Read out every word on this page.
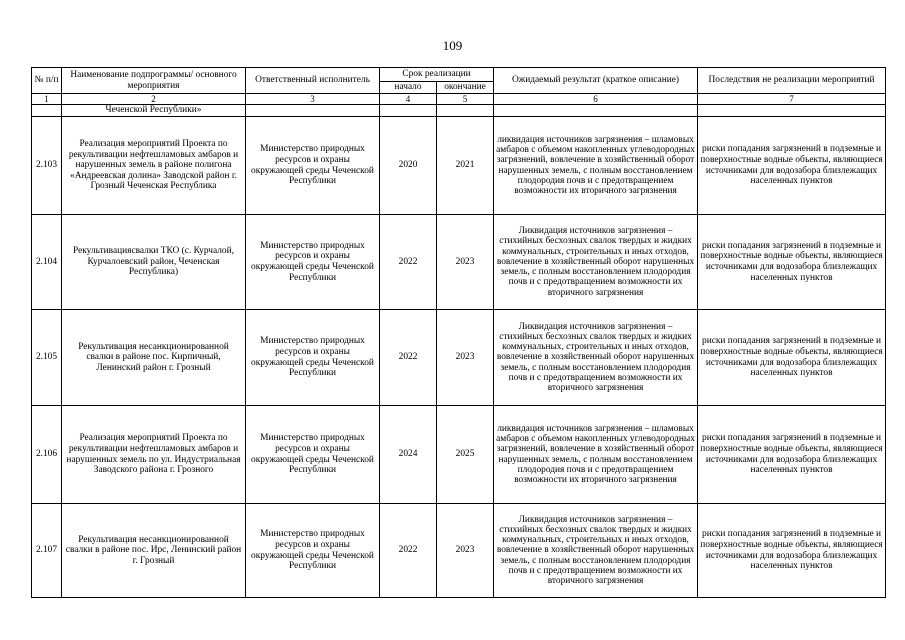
109
№ п/п	Наименование подпрограммы/ основного мероприятия	Ответственный исполнитель	Срок реализации		Ожидаемый результат (краткое описание)	Последствия не реализации мероприятий
			начало	окончание		
1	2	3	4	5	6	7
	Чеченской Республики»					
2.103	Реализация мероприятий Проекта по рекультивации нефтешламовых амбаров и нарушенных земель в районе полигона «Андреевская долина» Заводской район г. Грозный Чеченская Республика	Министерство природных ресурсов и охраны окружающей среды Чеченской Республики	2020	2021	ликвидация источников загрязнения – шламовых амбаров с объемом накопленных углеводородных загрязнений, вовлечение в хозяйственный оборот нарушенных земель, с полным восстановлением плодородия почв и с предотвращением возможности их вторичного загрязнения	риски попадания загрязнений в подземные и поверхностные водные объекты, являющиеся источниками для водозабора близлежащих населенных пунктов
2.104	Рекультивациясвалки ТКО (с. Курчалой, Курчалоевский район, Чеченская Республика)	Министерство природных ресурсов и охраны окружающей среды Чеченской Республики	2022	2023	Ликвидация источников загрязнения – стихийных бесхозных свалок твердых и жидких коммунальных, строительных и иных отходов, вовлечение в хозяйственный оборот нарушенных земель, с полным восстановлением плодородия почв и с предотвращением возможности их вторичного загрязнения	риски попадания загрязнений в подземные и поверхностные водные объекты, являющиеся источниками для водозабора близлежащих населенных пунктов
2.105	Рекультивация несанкционированной свалки в районе пос. Кирпичный, Ленинский район г. Грозный	Министерство природных ресурсов и охраны окружающей среды Чеченской Республики	2022	2023	Ликвидация источников загрязнения – стихийных бесхозных свалок твердых и жидких коммунальных, строительных и иных отходов, вовлечение в хозяйственный оборот нарушенных земель, с полным восстановлением плодородия почв и с предотвращением возможности их вторичного загрязнения	риски попадания загрязнений в подземные и поверхностные водные объекты, являющиеся источниками для водозабора близлежащих населенных пунктов
2.106	Реализация мероприятий Проекта по рекультивации нефтешламовых амбаров и нарушенных земель по ул. Индустриальная Заводского района г. Грозного	Министерство природных ресурсов и охраны окружающей среды Чеченской Республики	2024	2025	ликвидация источников загрязнения – шламовых амбаров с объемом накопленных углеводородных загрязнений, вовлечение в хозяйственный оборот нарушенных земель, с полным восстановлением плодородия почв и с предотвращением возможности их вторичного загрязнения	риски попадания загрязнений в подземные и поверхностные водные объекты, являющиеся источниками для водозабора близлежащих населенных пунктов
2.107	Рекультивация несанкционированной свалки в районе пос. Ирс, Ленинский район г. Грозный	Министерство природных ресурсов и охраны окружающей среды Чеченской Республики	2022	2023	Ликвидация источников загрязнения – стихийных бесхозных свалок твердых и жидких коммунальных, строительных и иных отходов, вовлечение в хозяйственный оборот нарушенных земель, с полным восстановлением плодородия почв и с предотвращением возможности их вторичного загрязнения	риски попадания загрязнений в подземные и поверхностные водные объекты, являющиеся источниками для водозабора близлежащих населенных пунктов
